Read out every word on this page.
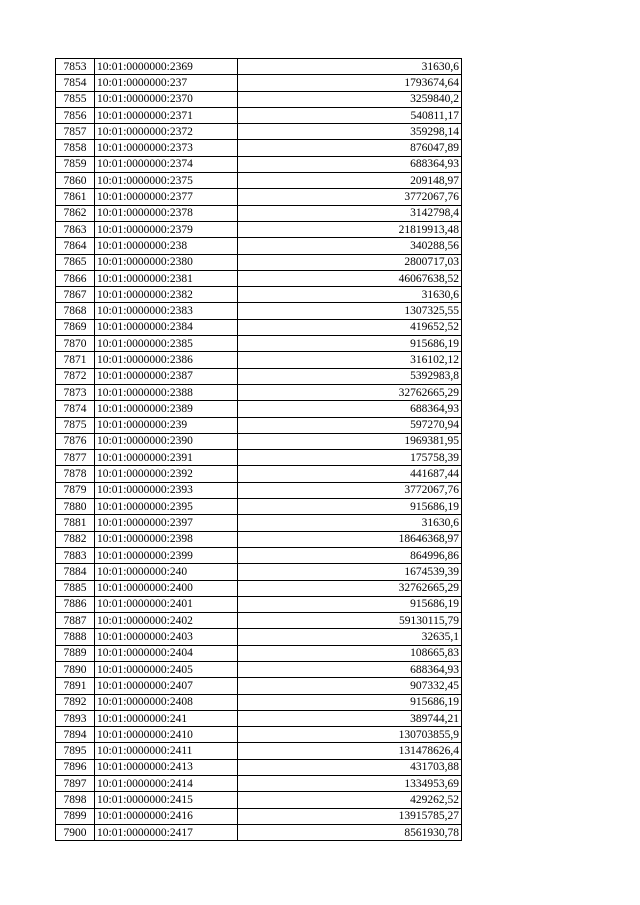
7853	10:01:0000000:2369	31630,6
7854	10:01:0000000:237	1793674,64
7855	10:01:0000000:2370	3259840,2
7856	10:01:0000000:2371	540811,17
7857	10:01:0000000:2372	359298,14
7858	10:01:0000000:2373	876047,89
7859	10:01:0000000:2374	688364,93
7860	10:01:0000000:2375	209148,97
7861	10:01:0000000:2377	3772067,76
7862	10:01:0000000:2378	3142798,4
7863	10:01:0000000:2379	21819913,48
7864	10:01:0000000:238	340288,56
7865	10:01:0000000:2380	2800717,03
7866	10:01:0000000:2381	46067638,52
7867	10:01:0000000:2382	31630,6
7868	10:01:0000000:2383	1307325,55
7869	10:01:0000000:2384	419652,52
7870	10:01:0000000:2385	915686,19
7871	10:01:0000000:2386	316102,12
7872	10:01:0000000:2387	5392983,8
7873	10:01:0000000:2388	32762665,29
7874	10:01:0000000:2389	688364,93
7875	10:01:0000000:239	597270,94
7876	10:01:0000000:2390	1969381,95
7877	10:01:0000000:2391	175758,39
7878	10:01:0000000:2392	441687,44
7879	10:01:0000000:2393	3772067,76
7880	10:01:0000000:2395	915686,19
7881	10:01:0000000:2397	31630,6
7882	10:01:0000000:2398	18646368,97
7883	10:01:0000000:2399	864996,86
7884	10:01:0000000:240	1674539,39
7885	10:01:0000000:2400	32762665,29
7886	10:01:0000000:2401	915686,19
7887	10:01:0000000:2402	59130115,79
7888	10:01:0000000:2403	32635,1
7889	10:01:0000000:2404	108665,83
7890	10:01:0000000:2405	688364,93
7891	10:01:0000000:2407	907332,45
7892	10:01:0000000:2408	915686,19
7893	10:01:0000000:241	389744,21
7894	10:01:0000000:2410	130703855,9
7895	10:01:0000000:2411	131478626,4
7896	10:01:0000000:2413	431703,88
7897	10:01:0000000:2414	1334953,69
7898	10:01:0000000:2415	429262,52
7899	10:01:0000000:2416	13915785,27
7900	10:01:0000000:2417	8561930,78
